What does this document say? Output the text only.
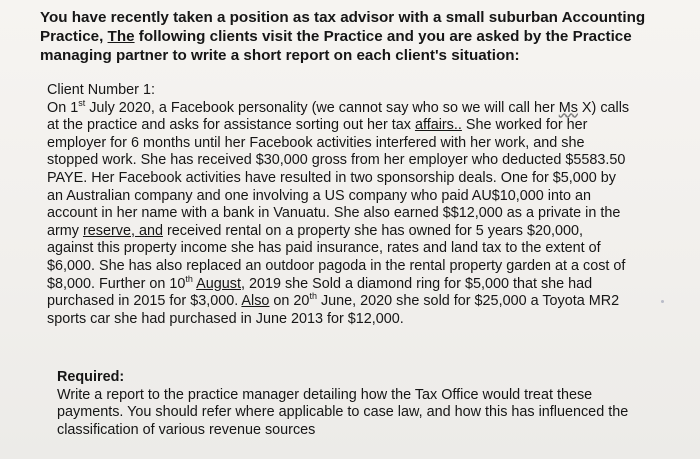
You have recently taken a position as tax advisor with a small suburban Accounting
Practice, The following clients visit the Practice and you are asked by the Practice
managing partner to write a short report on each client's situation:

Client Number 1:

On 1st July 2020, a Facebook personality (we cannot say who so we will call her Ms X) calls
at the practice and asks for assistance sorting out her tax affairs.. She worked for her
employer for 6 months until her Facebook activities interfered with her work, and she
stopped work. She has received $30,000 gross from her employer who deducted $5583.50
PAYE. Her Facebook activities have resulted in two sponsorship deals. One for $5,000 by
an Australian company and one involving a US company who paid AU$10,000 into an
account in her name with a bank in Vanuatu. She also earned $$12,000 as a private in the
army reserve, and received rental on a property she has owned for 5 years $20,000,
against this property income she has paid insurance, rates and land tax to the extent of
$6,000. She has also replaced an outdoor pagoda in the rental property garden at a cost of
$8,000. Further on 10th August, 2019 she Sold a diamond ring for $5,000 that she had
purchased in 2015 for $3,000. Also on 20th June, 2020 she sold for $25,000 a Toyota MR2
sports car she had purchased in June 2013 for $12,000.
Required:
Write a report to the practice manager detailing how the Tax Office would treat these
payments. You should refer where applicable to case law, and how this has influenced the
classification of various revenue sources
